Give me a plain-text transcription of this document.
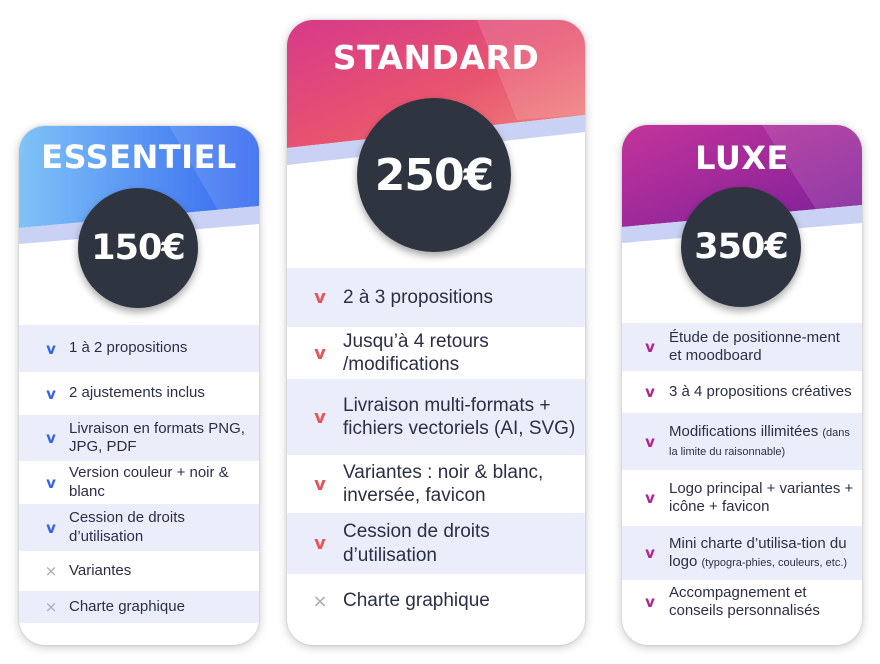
ESSENTIEL
150€
v 1 à 2 propositions
v 2 ajustements inclus
v
Livraison en formats PNG, JPG, PDF
v
Version couleur + noir & blanc
v
Cession de droits d’utilisation
× Variantes
× Charte graphique
STANDARD
250€
v 2 à 3 propositions
v
Jusqu’à 4 retours /modifications
v
Livraison multi-formats + fichiers vectoriels (AI, SVG)
v
Variantes : noir & blanc, inversée, favicon
v
Cession de droits d’utilisation
× Charte graphique
LUXE
350€
v
Étude de positionne-ment et moodboard
v 3 à 4 propositions créatives
v
Modifications illimitées (dans la limite du raisonnable)
v
Logo principal + variantes + icône + favicon
v
Mini charte d’utilisa-tion du logo (typogra-phies, couleurs, etc.)
v
Accompagnement et conseils personnalisés
